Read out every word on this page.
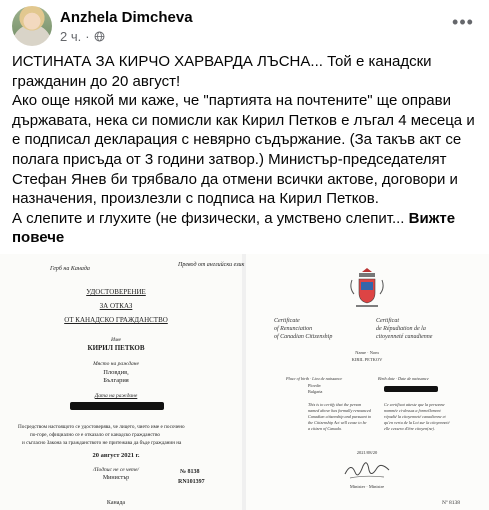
Anzhela Dimcheva
2 ч. ·
•••

ИСТИНАТА ЗА КИРЧО ХАРВАРДА ЛЪСНА... Той е канадски гражданин до 20 август!

Ако още някой ми каже, че "партията на почтените" ще оправи държавата, нека си помисли как Кирил Петков е лъгал 4 месеца и е подписал декларация с невярно съдържание. (За такъв акт се полага присъда от 3 години затвор.) Министър-председателят Стефан Янев би трябвало да отмени всички актове, договори и назначения, произлезли с подписа на Кирил Петков.

А слепите и глухите (не физически, а умствено слепит... Вижте повече

Герб на Канада
Превод от английски език
УДОСТОВЕРЕНИЕ
ЗА ОТКАЗ
ОТ КАНАДСКО ГРАЖДАНСТВО
Име
КИРИЛ ПЕТКОВ
Място на раждане
Пловдив,
България
Дата на раждане
Посредством настоящото се удостоверява, че лицето, чието име е посочено
по-горе, официално се е отказало от канадско гражданство
и съгласно Закона за гражданството не притежава да бъде гражданин на
20 август 2021 г.
/Подпис не се чете/
Министър
№ 8138
RN101397
Канада
Certificate
of Renunciation
of Canadian Citizenship
Certificat
de Répudiation de la
citoyenneté canadienne
Name · Nom
KIRIL PETKOV
Place of birth · Lieu de naissance
Plovdiv
Bulgaria
Birth date · Date de naissance
This is to certify that the person
named above has formally renounced
Canadian citizenship and pursuant to
the Citizenship Act will cease to be
a citizen of Canada.
Ce certificat atteste que la personne
nommée ci-dessus a formellement
répudié la citoyenneté canadienne et
qu'en vertu de la Loi sur la citoyenneté
elle cessera d'être citoyen(ne).
2021/08/20
Minister · Ministre
Nº 8138
